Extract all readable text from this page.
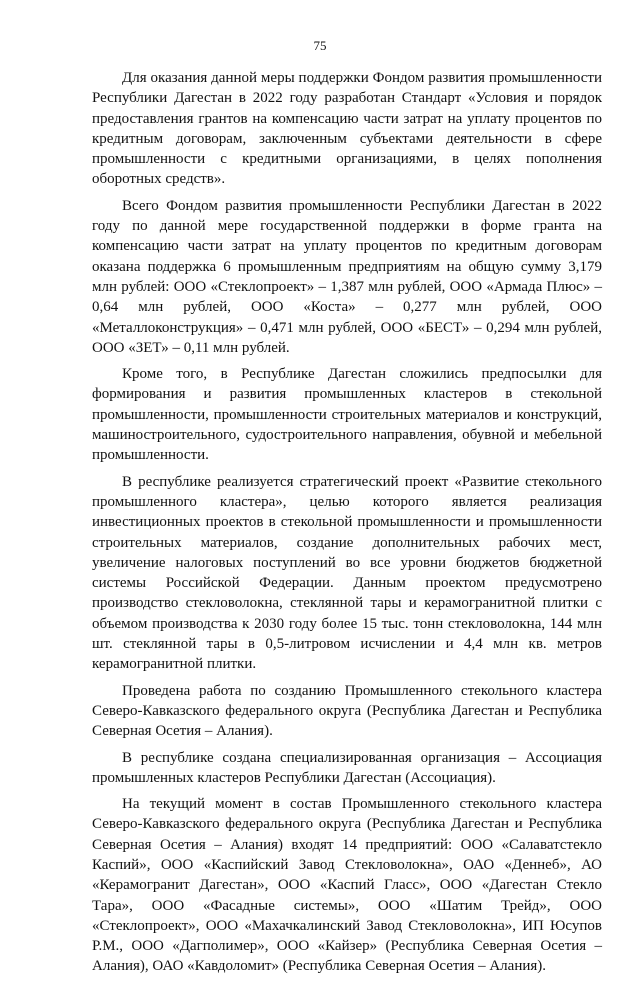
75

Для оказания данной меры поддержки Фондом развития промышленности Республики Дагестан в 2022 году разработан Стандарт «Условия и порядок предоставления грантов на компенсацию части затрат на уплату процентов по кредитным договорам, заключенным субъектами деятельности в сфере промышленности с кредитными организациями, в целях пополнения оборотных средств».

Всего Фондом развития промышленности Республики Дагестан в 2022 году по данной мере государственной поддержки в форме гранта на компенсацию части затрат на уплату процентов по кредитным договорам оказана поддержка 6 промышленным предприятиям на общую сумму 3,179 млн рублей: ООО «Стеклопроект» – 1,387 млн рублей, ООО «Армада Плюс» – 0,64 млн рублей, ООО «Коста» – 0,277 млн рублей, ООО «Металлоконструкция» – 0,471 млн рублей, ООО «БЕСТ» – 0,294 млн рублей, ООО «ЗЕТ» – 0,11 млн рублей.

Кроме того, в Республике Дагестан сложились предпосылки для формирования и развития промышленных кластеров в стекольной промышленности, промышленности строительных материалов и конструкций, машиностроительного, судостроительного направления, обувной и мебельной промышленности.

В республике реализуется стратегический проект «Развитие стекольного промышленного кластера», целью которого является реализация инвестиционных проектов в стекольной промышленности и промышленности строительных материалов, создание дополнительных рабочих мест, увеличение налоговых поступлений во все уровни бюджетов бюджетной системы Российской Федерации. Данным проектом предусмотрено производство стекловолокна, стеклянной тары и керамогранитной плитки с объемом производства к 2030 году более 15 тыс. тонн стекловолокна, 144 млн шт. стеклянной тары в 0,5-литровом исчислении и 4,4 млн кв. метров керамогранитной плитки.

Проведена работа по созданию Промышленного стекольного кластера Северо-Кавказского федерального округа (Республика Дагестан и Республика Северная Осетия – Алания).

В республике создана специализированная организация – Ассоциация промышленных кластеров Республики Дагестан (Ассоциация).

На текущий момент в состав Промышленного стекольного кластера Северо-Кавказского федерального округа (Республика Дагестан и Республика Северная Осетия – Алания) входят 14 предприятий: ООО «Салаватстекло Каспий», ООО «Каспийский Завод Стекловолокна», ОАО «Деннеб», АО «Керамогранит Дагестан», ООО «Каспий Гласс», ООО «Дагестан Стекло Тара», ООО «Фасадные системы», ООО «Шатим Трейд», ООО «Стеклопроект», ООО «Махачкалинский Завод Стекловолокна», ИП Юсупов Р.М., ООО «Дагполимер», ООО «Кайзер» (Республика Северная Осетия – Алания), ОАО «Кавдоломит» (Республика Северная Осетия – Алания).
